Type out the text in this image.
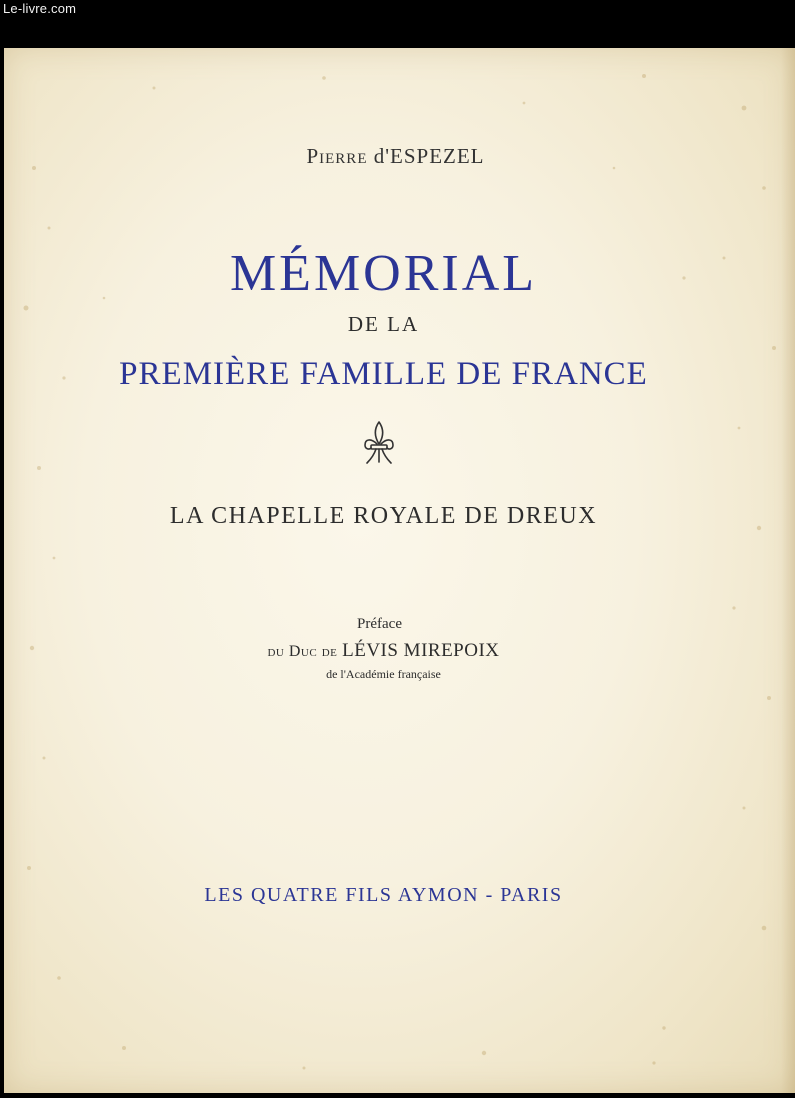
Le-livre.com
Pierre d'ESPEZEL
MÉMORIAL
DE LA
PREMIÈRE FAMILLE DE FRANCE
LA CHAPELLE ROYALE DE DREUX
Préface
du Duc de LÉVIS MIREPOIX
de l'Académie française
LES QUATRE FILS AYMON - PARIS
